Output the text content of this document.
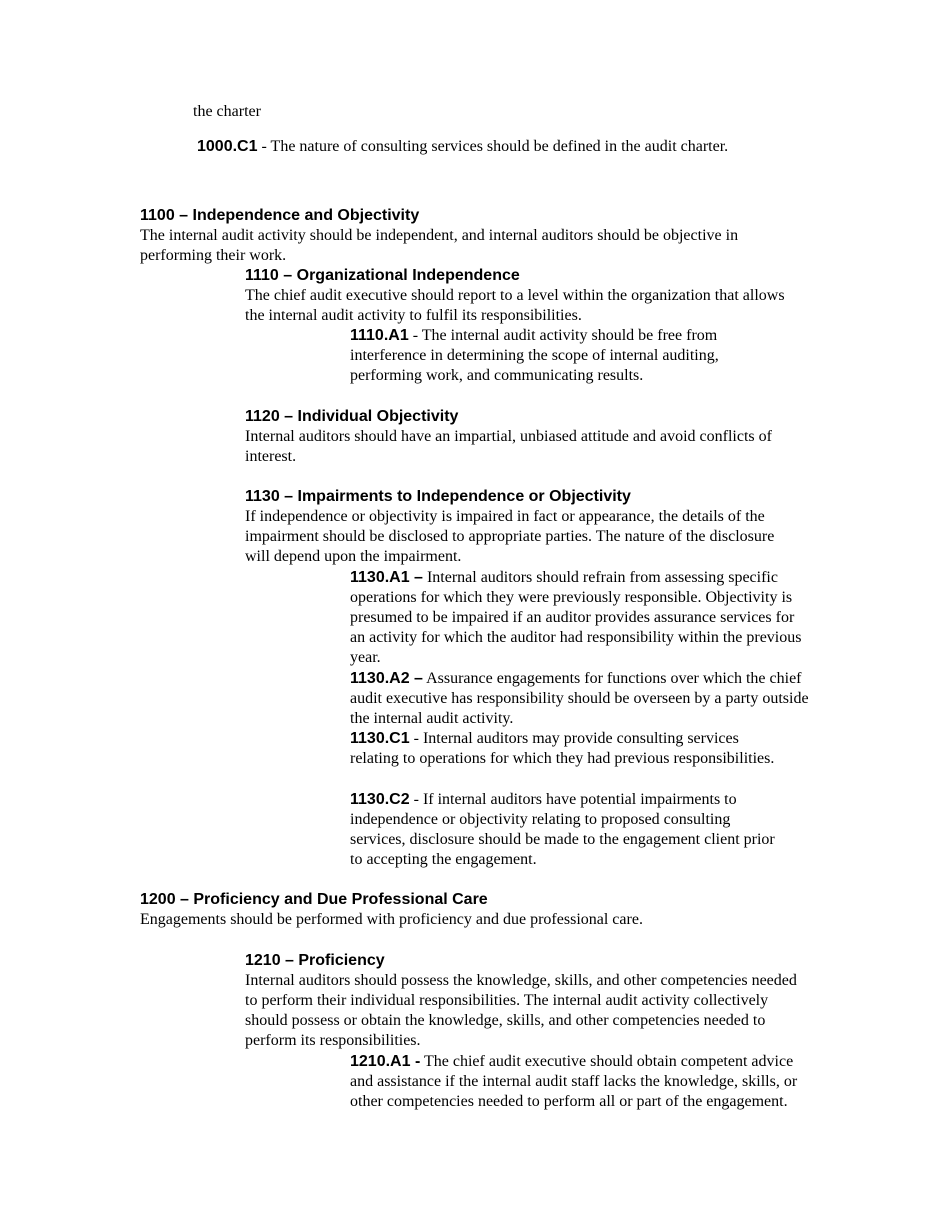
the charter

1000.C1 - The nature of consulting services should be defined in the audit charter.

1100 – Independence and Objectivity

The internal audit activity should be independent, and internal auditors should be objective in performing their work.

1110 – Organizational Independence

The chief audit executive should report to a level within the organization that allows the internal audit activity to fulfil its responsibilities.

1110.A1 - The internal audit activity should be free from interference in determining the scope of internal auditing, performing work, and communicating results.

1120 – Individual Objectivity

Internal auditors should have an impartial, unbiased attitude and avoid conflicts of interest.

1130 – Impairments to Independence or Objectivity

If independence or objectivity is impaired in fact or appearance, the details of the impairment should be disclosed to appropriate parties. The nature of the disclosure will depend upon the impairment.

1130.A1 – Internal auditors should refrain from assessing specific operations for which they were previously responsible. Objectivity is presumed to be impaired if an auditor provides assurance services for an activity for which the auditor had responsibility within the previous year.

1130.A2 – Assurance engagements for functions over which the chief audit executive has responsibility should be overseen by a party outside the internal audit activity.

1130.C1 - Internal auditors may provide consulting services relating to operations for which they had previous responsibilities.

1130.C2 - If internal auditors have potential impairments to independence or objectivity relating to proposed consulting services, disclosure should be made to the engagement client prior to accepting the engagement.

1200 – Proficiency and Due Professional Care

Engagements should be performed with proficiency and due professional care.

1210 – Proficiency

Internal auditors should possess the knowledge, skills, and other competencies needed to perform their individual responsibilities. The internal audit activity collectively should possess or obtain the knowledge, skills, and other competencies needed to perform its responsibilities.

1210.A1 - The chief audit executive should obtain competent advice and assistance if the internal audit staff lacks the knowledge, skills, or other competencies needed to perform all or part of the engagement.
